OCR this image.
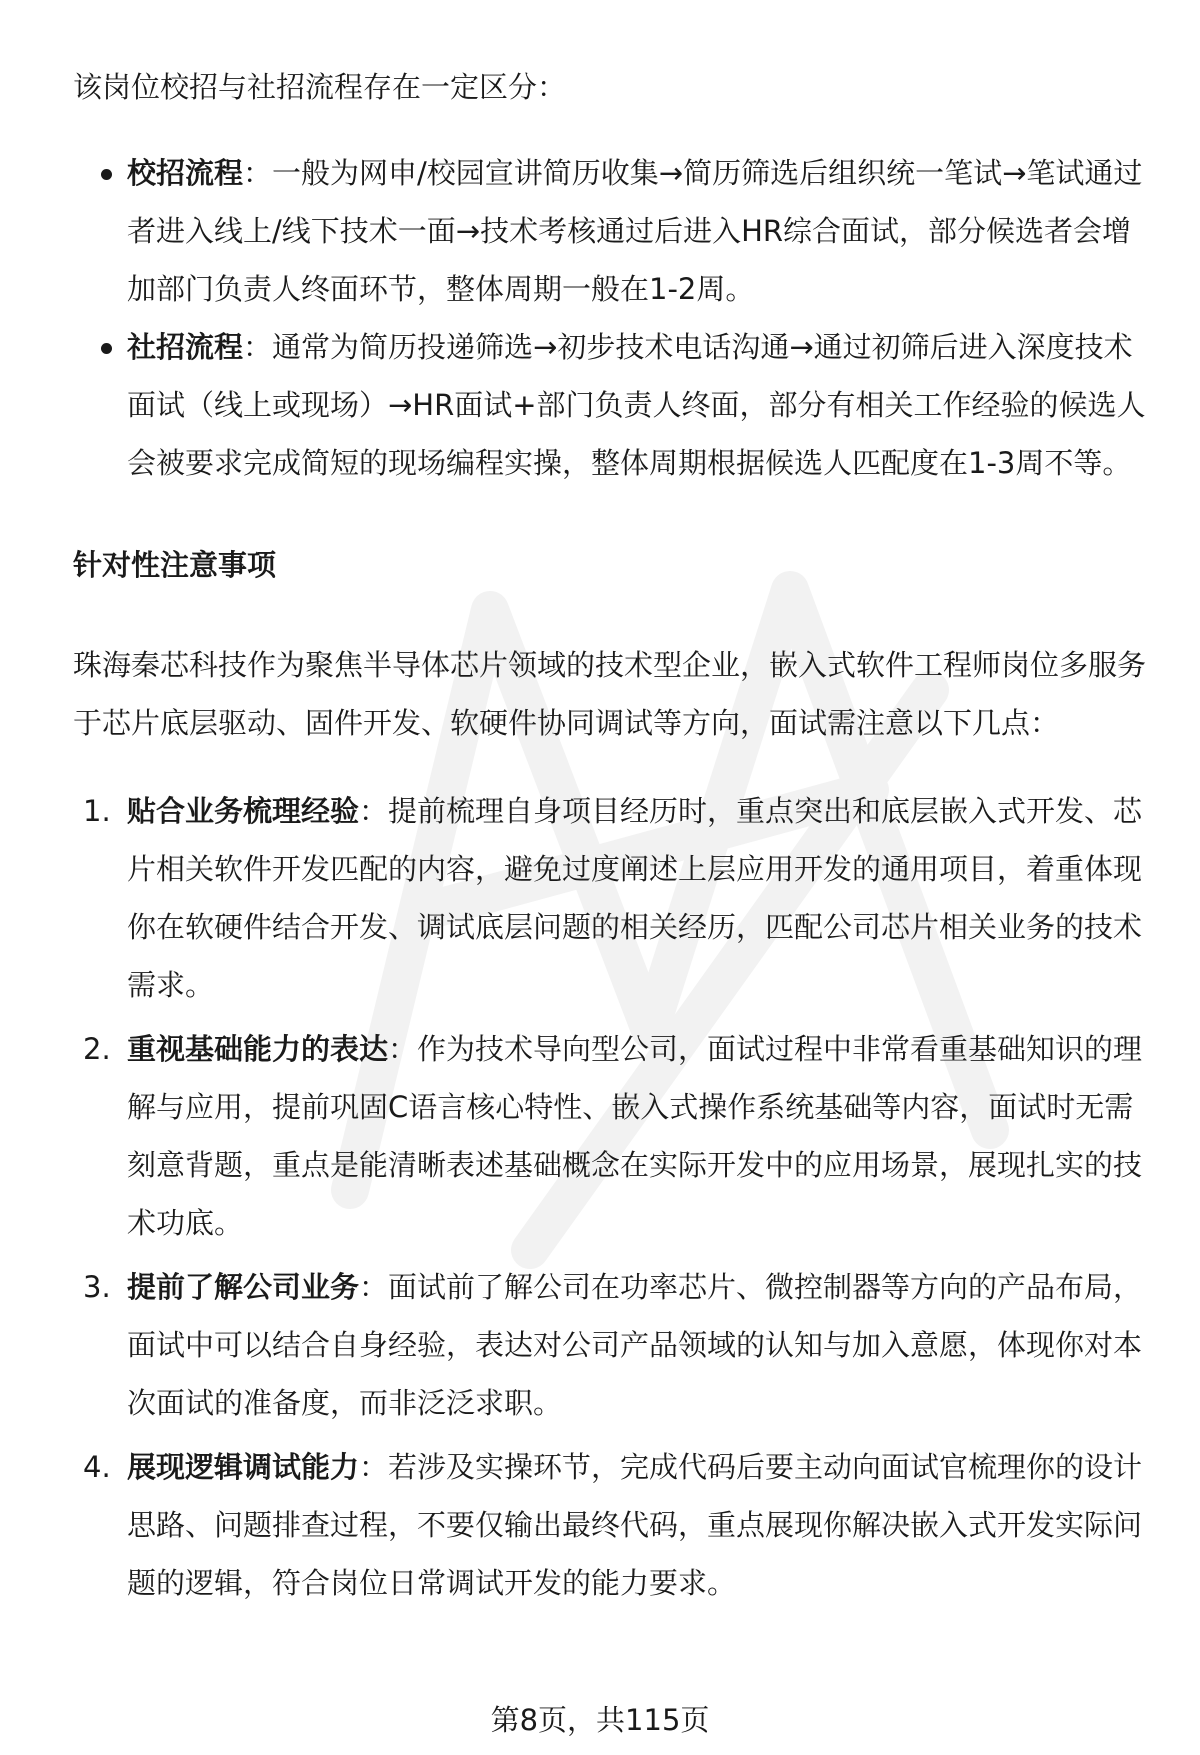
该岗位校招与社招流程存在一定区分：

校招流程：一般为网申/校园宣讲简历收集→简历筛选后组织统一笔试→笔试通过者进入线上/线下技术一面→技术考核通过后进入HR综合面试，部分候选者会增加部门负责人终面环节，整体周期一般在1-2周。
社招流程：通常为简历投递筛选→初步技术电话沟通→通过初筛后进入深度技术面试（线上或现场）→HR面试+部门负责人终面，部分有相关工作经验的候选人会被要求完成简短的现场编程实操，整体周期根据候选人匹配度在1-3周不等。

针对性注意事项

珠海秦芯科技作为聚焦半导体芯片领域的技术型企业，嵌入式软件工程师岗位多服务于芯片底层驱动、固件开发、软硬件协同调试等方向，面试需注意以下几点：

1. 贴合业务梳理经验：提前梳理自身项目经历时，重点突出和底层嵌入式开发、芯片相关软件开发匹配的内容，避免过度阐述上层应用开发的通用项目，着重体现你在软硬件结合开发、调试底层问题的相关经历，匹配公司芯片相关业务的技术需求。
2. 重视基础能力的表达：作为技术导向型公司，面试过程中非常看重基础知识的理解与应用，提前巩固C语言核心特性、嵌入式操作系统基础等内容，面试时无需刻意背题，重点是能清晰表述基础概念在实际开发中的应用场景，展现扎实的技术功底。
3. 提前了解公司业务：面试前了解公司在功率芯片、微控制器等方向的产品布局，面试中可以结合自身经验，表达对公司产品领域的认知与加入意愿，体现你对本次面试的准备度，而非泛泛求职。
4. 展现逻辑调试能力：若涉及实操环节，完成代码后要主动向面试官梳理你的设计思路、问题排查过程，不要仅输出最终代码，重点展现你解决嵌入式开发实际问题的逻辑，符合岗位日常调试开发的能力要求。
第8页，共115页
